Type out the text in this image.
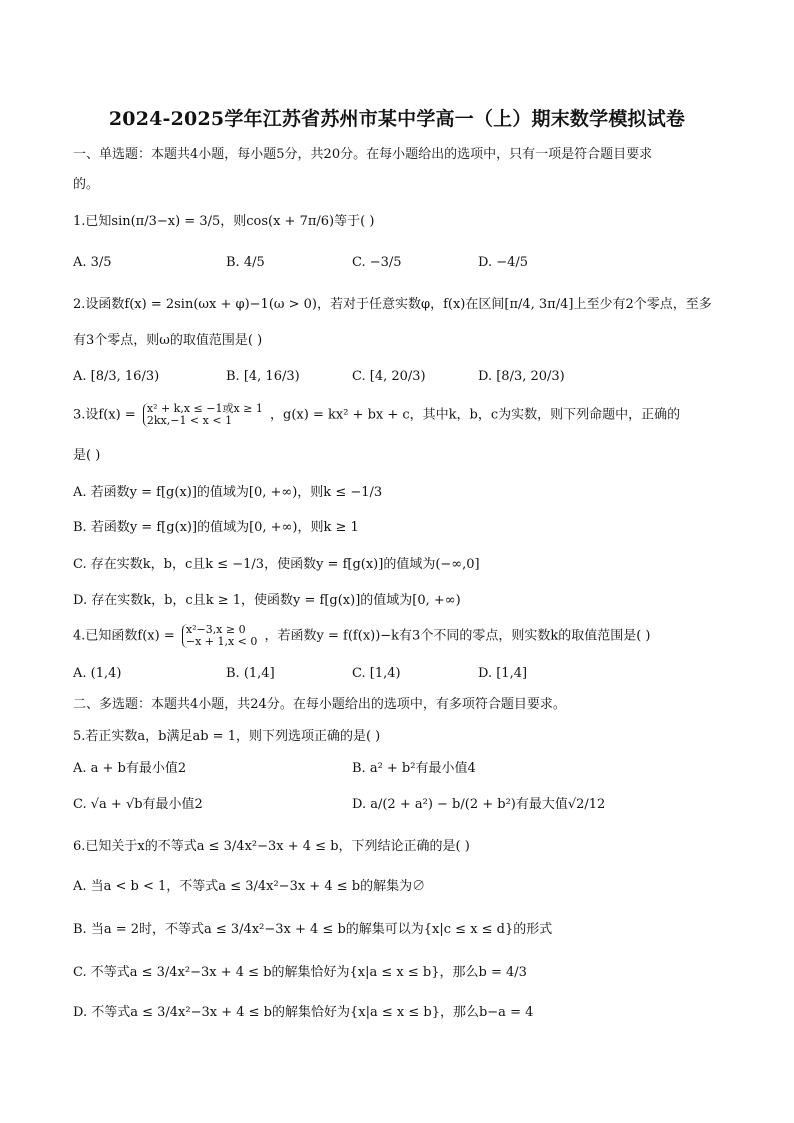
2024-2025学年江苏省苏州市某中学高一（上）期末数学模拟试卷
一、单选题：本题共4小题，每小题5分，共20分。在每小题给出的选项中，只有一项是符合题目要求
的。
1.已知sin(π/3−x) = 3/5，则cos(x + 7π/6)等于( )
A. 3/5	B. 4/5	C. −3/5	D. −4/5
2.设函数f(x) = 2sin(ωx + φ)−1(ω > 0)，若对于任意实数φ，f(x)在区间[π/4, 3π/4]上至少有2个零点，至多
有3个零点，则ω的取值范围是( )
A. [8/3, 16/3)	B. [4, 16/3)	C. [4, 20/3)	D. [8/3, 20/3)
3.设f(x) = x² + k,x ≤ −1或x ≥ 1
2kx,−1 < x < 1	，g(x) = kx² + bx + c，其中k，b，c为实数，则下列命题中，正确的
是( )
A. 若函数y = f[g(x)]的值域为[0, +∞)，则k ≤ −1/3
B. 若函数y = f[g(x)]的值域为[0, +∞)，则k ≥ 1
C. 存在实数k，b，c且k ≤ −1/3，使函数y = f[g(x)]的值域为(−∞,0]
D. 存在实数k，b，c且k ≥ 1，使函数y = f[g(x)]的值域为[0, +∞)
4.已知函数f(x) = x²−3,x ≥ 0
−x + 1,x < 0 ，若函数y = f(f(x))−k有3个不同的零点，则实数k的取值范围是( )
A. (1,4)	B. (1,4]	C. [1,4)	D. [1,4]
二、多选题：本题共4小题，共24分。在每小题给出的选项中，有多项符合题目要求。
5.若正实数a，b满足ab = 1，则下列选项正确的是( )
A. a + b有最小值2	B. a² + b²有最小值4
C. √a + √b有最小值2	D. a/(2 + a²) − b/(2 + b²)有最大值√2/12
6.已知关于x的不等式a ≤ 3/4x²−3x + 4 ≤ b，下列结论正确的是( )
A. 当a < b < 1，不等式a ≤ 3/4x²−3x + 4 ≤ b的解集为∅
B. 当a = 2时，不等式a ≤ 3/4x²−3x + 4 ≤ b的解集可以为{x|c ≤ x ≤ d}的形式
C. 不等式a ≤ 3/4x²−3x + 4 ≤ b的解集恰好为{x|a ≤ x ≤ b}，那么b = 4/3
D. 不等式a ≤ 3/4x²−3x + 4 ≤ b的解集恰好为{x|a ≤ x ≤ b}，那么b−a = 4
